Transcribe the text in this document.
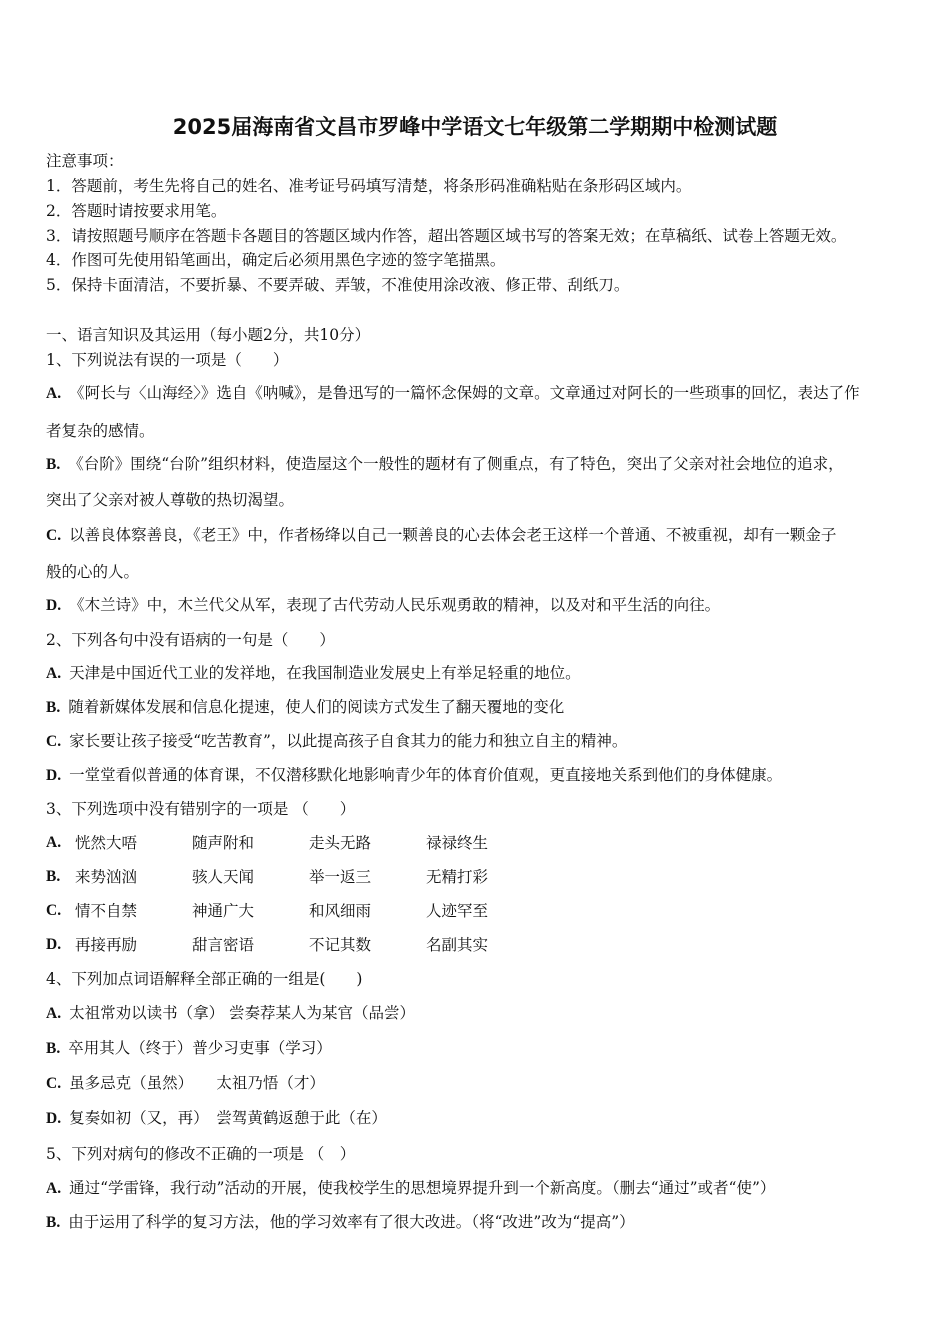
2025届海南省文昌市罗峰中学语文七年级第二学期期中检测试题
注意事项：
1．答题前，考生先将自己的姓名、准考证号码填写清楚，将条形码准确粘贴在条形码区域内。
2．答题时请按要求用笔。
3．请按照题号顺序在答题卡各题目的答题区域内作答，超出答题区域书写的答案无效；在草稿纸、试卷上答题无效。
4．作图可先使用铅笔画出，确定后必须用黑色字迹的签字笔描黑。
5．保持卡面清洁，不要折暴、不要弄破、弄皱，不准使用涂改液、修正带、刮纸刀。
一、语言知识及其运用（每小题2分，共10分）
1、下列说法有误的一项是（　　）
A. 《阿长与〈山海经〉》选自《呐喊》，是鲁迅写的一篇怀念保姆的文章。文章通过对阿长的一些琐事的回忆，表达了作
者复杂的感情。
B. 《台阶》围绕“台阶”组织材料，使造屋这个一般性的题材有了侧重点，有了特色，突出了父亲对社会地位的追求，
突出了父亲对被人尊敬的热切渴望。
C. 以善良体察善良，《老王》中，作者杨绛以自己一颗善良的心去体会老王这样一个普通、不被重视，却有一颗金子
般的心的人。
D. 《木兰诗》中，木兰代父从军，表现了古代劳动人民乐观勇敢的精神，以及对和平生活的向往。
2、下列各句中没有语病的一句是（　　）
A. 天津是中国近代工业的发祥地，在我国制造业发展史上有举足轻重的地位。
B. 随着新媒体发展和信息化提速，使人们的阅读方式发生了翻天覆地的变化
C. 家长要让孩子接受“吃苦教育”，以此提高孩子自食其力的能力和独立自主的精神。
D. 一堂堂看似普通的体育课，不仅潜移默化地影响青少年的体育价值观，更直接地关系到他们的身体健康。
3、下列选项中没有错别字的一项是 （　　）
A. 恍然大唔	随声附和	走头无路	禄禄终生
B. 来势汹汹	骇人天闻	举一返三	无精打彩
C. 情不自禁	神通广大	和风细雨	人迹罕至
D. 再接再励	甜言密语	不记其数	名副其实
4、下列加点词语解释全部正确的一组是(　　)
A. 太祖常劝以读书（拿） 尝奏荐某人为某官（品尝）
B. 卒用其人（终于）普少习吏事（学习）
C. 虽多忌克（虽然）　　太祖乃悟（才）
D. 复奏如初（又，再）　尝驾黄鹤返憩于此（在）
5、下列对病句的修改不正确的一项是 （　）
A. 通过“学雷锋，我行动”活动的开展，使我校学生的思想境界提升到一个新高度。（删去“通过”或者“使”）
B. 由于运用了科学的复习方法，他的学习效率有了很大改进。（将“改进”改为“提高”）
